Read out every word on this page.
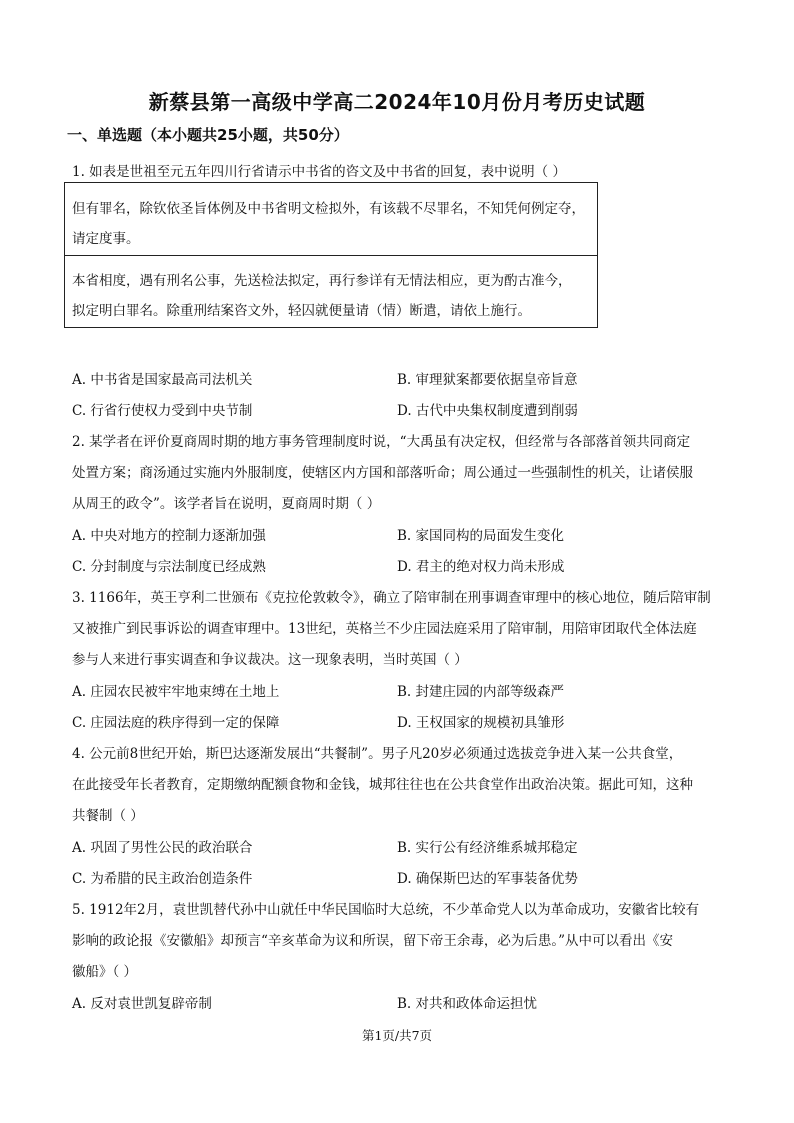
新蔡县第一高级中学高二2024年10月份月考历史试题
一、单选题（本小题共25小题，共50分）
1. 如表是世祖至元五年四川行省请示中书省的咨文及中书省的回复，表中说明（ ）
但有罪名，除钦依圣旨体例及中书省明文检拟外，有该载不尽罪名，不知凭何例定夺，
请定度事。
本省相度，遇有刑名公事，先送检法拟定，再行参详有无情法相应，更为酌古准今，
拟定明白罪名。除重刑结案咨文外，轻囚就便量请（情）断遣，请依上施行。
A. 中书省是国家最高司法机关	B. 审理狱案都要依据皇帝旨意
C. 行省行使权力受到中央节制	D. 古代中央集权制度遭到削弱
2. 某学者在评价夏商周时期的地方事务管理制度时说，“大禹虽有决定权，但经常与各部落首领共同商定
处置方案；商汤通过实施内外服制度，使辖区内方国和部落听命；周公通过一些强制性的机关，让诸侯服
从周王的政令”。该学者旨在说明，夏商周时期（ ）
A. 中央对地方的控制力逐渐加强	B. 家国同构的局面发生变化
C. 分封制度与宗法制度已经成熟	D. 君主的绝对权力尚未形成
3. 1166年，英王亨利二世颁布《克拉伦敦敕令》，确立了陪审制在刑事调查审理中的核心地位，随后陪审制
又被推广到民事诉讼的调查审理中。13世纪，英格兰不少庄园法庭采用了陪审制，用陪审团取代全体法庭
参与人来进行事实调查和争议裁决。这一现象表明，当时英国（ ）
A. 庄园农民被牢牢地束缚在土地上	B. 封建庄园的内部等级森严
C. 庄园法庭的秩序得到一定的保障	D. 王权国家的规模初具雏形
4. 公元前8世纪开始，斯巴达逐渐发展出“共餐制”。男子凡20岁必须通过选拔竞争进入某一公共食堂，
在此接受年长者教育，定期缴纳配额食物和金钱，城邦往往也在公共食堂作出政治决策。据此可知，这种
共餐制（ ）
A. 巩固了男性公民的政治联合	B. 实行公有经济维系城邦稳定
C. 为希腊的民主政治创造条件	D. 确保斯巴达的军事装备优势
5. 1912年2月，袁世凯替代孙中山就任中华民国临时大总统，不少革命党人以为革命成功，安徽省比较有
影响的政论报《安徽船》却预言“辛亥革命为议和所误，留下帝王余毒，必为后患。”从中可以看出《安
徽船》（ ）
A. 反对袁世凯复辟帝制	B. 对共和政体命运担忧
第1页/共7页
